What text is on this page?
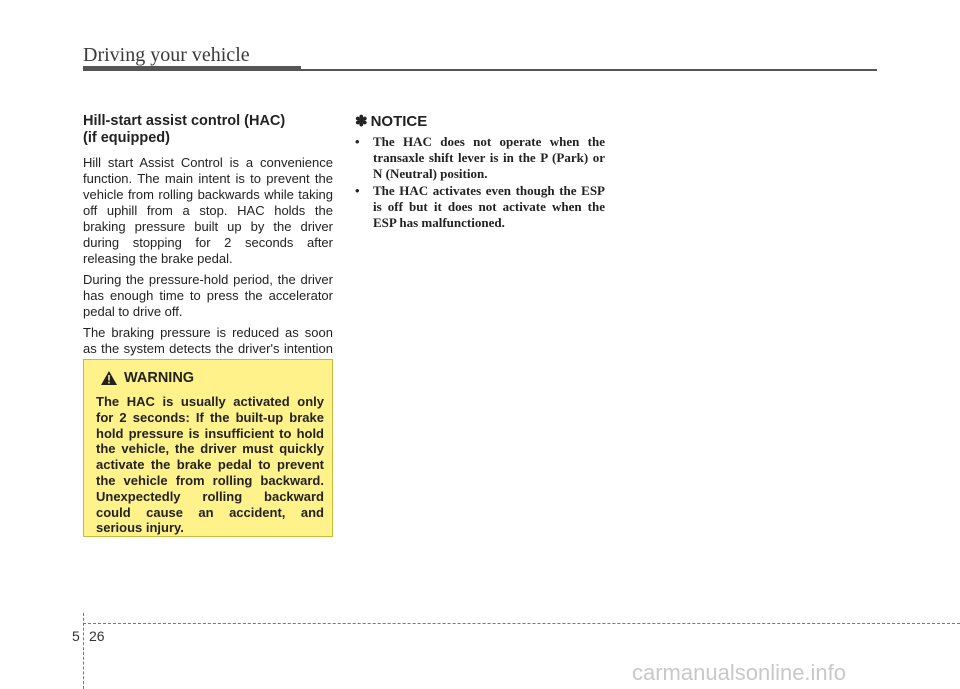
Driving your vehicle
Hill-start assist control (HAC)
(if equipped)

Hill start Assist Control is a convenience function. The main intent is to prevent the vehicle from rolling backwards while taking off uphill from a stop. HAC holds the braking pressure built up by the driver during stopping for 2 seconds after releasing the brake pedal.

During the pressure-hold period, the driver has enough time to press the accelerator pedal to drive off.

The braking pressure is reduced as soon as the system detects the driver's intention

WARNING
The HAC is usually activated only for 2 seconds: If the built-up brake hold pressure is insufficient to hold the vehicle, the driver must quickly activate the brake pedal to prevent the vehicle from rolling backward. Unexpectedly rolling backward could cause an accident, and serious injury.
✽ NOTICE
• The HAC does not operate when the transaxle shift lever is in the P (Park) or N (Neutral) position.
• The HAC activates even though the ESP is off but it does not activate when the ESP has malfunctioned.
5 26
carmanualsonline.info
